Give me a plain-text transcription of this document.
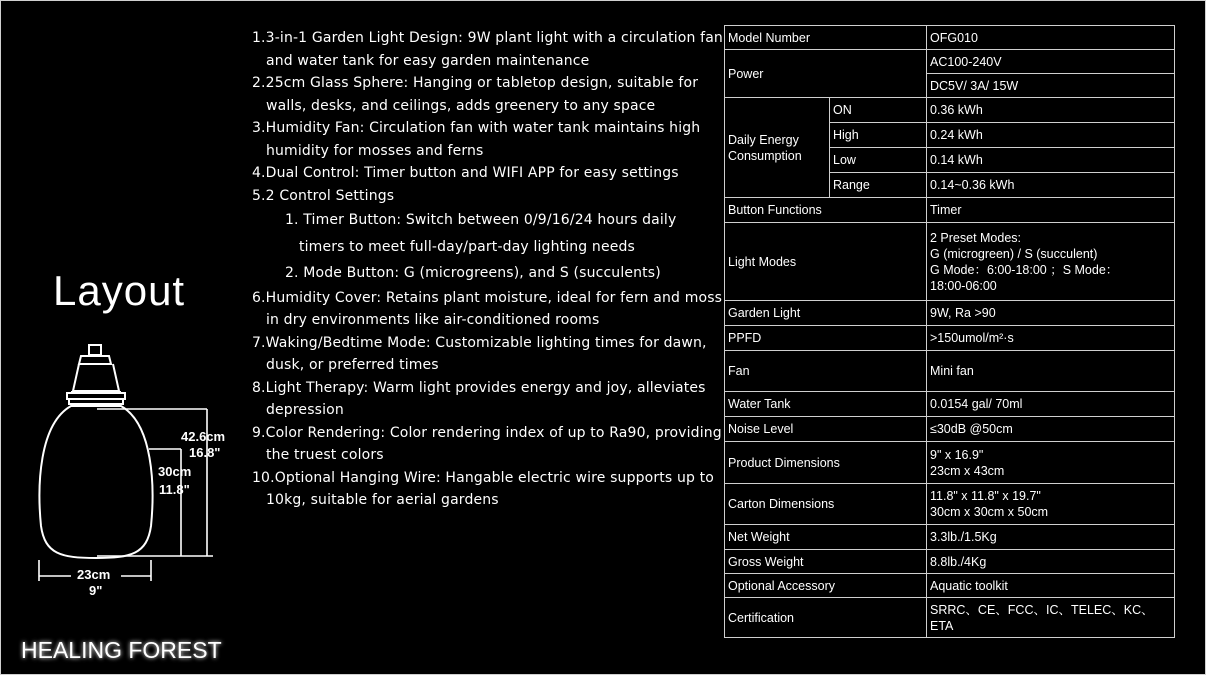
Layout
42.6cm
16.8"
30cm
11.8"
23cm
9"
HEALING FOREST

1.3-in-1 Garden Light Design: 9W plant light with a circulation fan and water tank for easy garden maintenance

2.25cm Glass Sphere: Hanging or tabletop design, suitable for walls, desks, and ceilings, adds greenery to any space

3.Humidity Fan: Circulation fan with water tank maintains high humidity for mosses and ferns

4.Dual Control: Timer button and WIFI APP for easy settings

5.2 Control Settings

1. Timer Button: Switch between 0/9/16/24 hours daily timers to meet full-day/part-day lighting needs

2. Mode Button: G (microgreens), and S (succulents)

6.Humidity Cover: Retains plant moisture, ideal for fern and moss in dry environments like air-conditioned rooms

7.Waking/Bedtime Mode: Customizable lighting times for dawn, dusk, or preferred times

8.Light Therapy: Warm light provides energy and joy, alleviates depression

9.Color Rendering: Color rendering index of up to Ra90, providing the truest colors

10.Optional Hanging Wire: Hangable electric wire supports up to 10kg, suitable for aerial gardens

Model Number		OFG010
Power		AC100-240V
		DC5V/ 3A/ 15W
Daily Energy Consumption	ON	0.36 kWh
	High	0.24 kWh
	Low	0.14 kWh
	Range	0.14~0.36 kWh
Button Functions		Timer
Light Modes		2 Preset Modes:
G (microgreen) / S (succulent)
G Mode：6:00-18:00 ；S Mode：
18:00-06:00

Garden Light		9W, Ra >90
PPFD		>150umol/m²·s
Fan		Mini fan
Water Tank		0.0154 gal/ 70ml
Noise Level		≤30dB @50cm
Product Dimensions		9" x 16.9"
23cm x 43cm

Carton Dimensions		11.8" x 11.8" x 19.7"
30cm x 30cm x 50cm

Net Weight		3.3lb./1.5Kg
Gross Weight		8.8lb./4Kg
Optional Accessory		Aquatic toolkit
Certification		SRRC、CE、FCC、IC、TELEC、KC、
ETA
